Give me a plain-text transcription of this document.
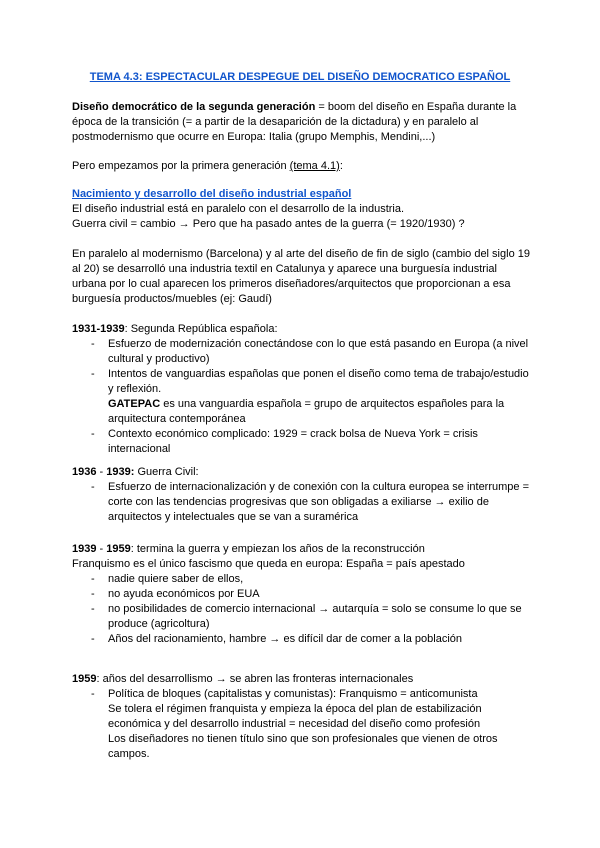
TEMA 4.3: ESPECTACULAR DESPEGUE DEL DISEÑO DEMOCRATICO ESPAÑOL

Diseño democrático de la segunda generación = boom del diseño en España durante la época de la transición (= a partir de la desaparición de la dictadura) y en paralelo al postmodernismo que ocurre en Europa: Italia (grupo Memphis, Mendini,...)

Pero empezamos por la primera generación (tema 4.1):

Nacimiento y desarrollo del diseño industrial español

El diseño industrial está en paralelo con el desarrollo de la industria.

Guerra civil = cambio → Pero que ha pasado antes de la guerra (= 1920/1930) ?

En paralelo al modernismo (Barcelona) y al arte del diseño de fin de siglo (cambio del siglo 19 al 20) se desarrolló una industria textil en Catalunya y aparece una burguesía industrial urbana por lo cual aparecen los primeros diseñadores/arquitectos que proporcionan a esa burguesía productos/muebles (ej: Gaudí)

1931-1939: Segunda República española:

- Esfuerzo de modernización conectándose con lo que está pasando en Europa (a nivel cultural y productivo)
- Intentos de vanguardias españolas que ponen el diseño como tema de trabajo/estudio y reflexión.

GATEPAC es una vanguardia española = grupo de arquitectos españoles para la arquitectura contemporánea

- Contexto económico complicado: 1929 = crack bolsa de Nueva York = crisis internacional

1936 - 1939: Guerra Civil:

- Esfuerzo de internacionalización y de conexión con la cultura europea se interrumpe = corte con las tendencias progresivas que son obligadas a exiliarse → exilio de arquitectos y intelectuales que se van a suramérica

1939 - 1959: termina la guerra y empiezan los años de la reconstrucción

Franquismo es el único fascismo que queda en europa: España = país apestado

- nadie quiere saber de ellos,
- no ayuda económicos por EUA
- no posibilidades de comercio internacional → autarquía = solo se consume lo que se produce (agricoltura)
- Años del racionamiento, hambre → es difícil dar de comer a la población

1959: años del desarrollismo → se abren las fronteras internacionales

- Política de bloques (capitalistas y comunistas): Franquismo = anticomunista

Se tolera el régimen franquista y empieza la época del plan de estabilización económica y del desarrollo industrial = necesidad del diseño como profesión

Los diseñadores no tienen título sino que son profesionales que vienen de otros campos.
